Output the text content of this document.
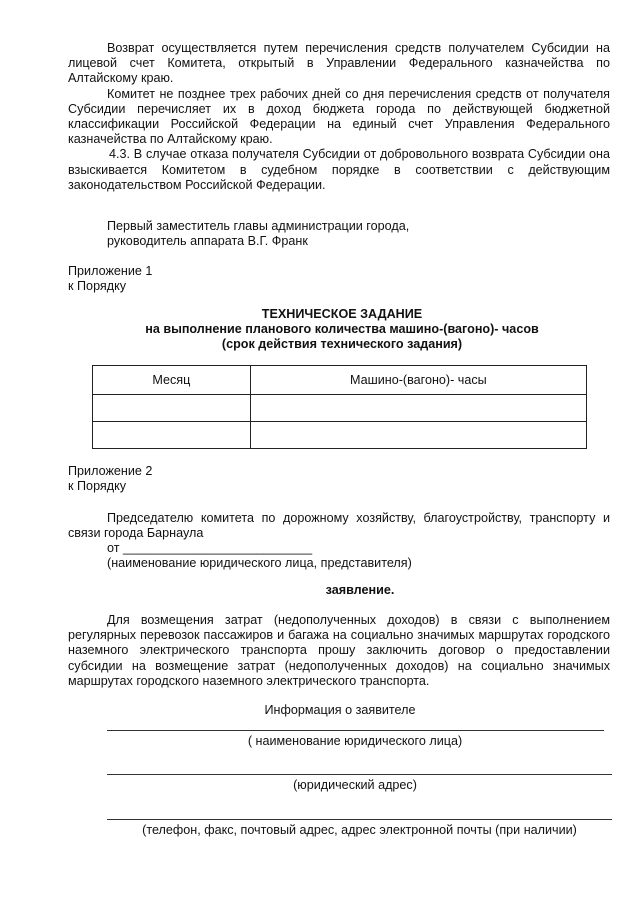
Возврат осуществляется путем перечисления средств получателем Субсидии на лицевой счет Комитета, открытый в Управлении Федерального казначейства по Алтайскому краю.

Комитет не позднее трех рабочих дней со дня перечисления средств от получателя Субсидии перечисляет их в доход бюджета города по действующей бюджетной классификации Российской Федерации на единый счет Управления Федерального казначейства по Алтайскому краю.

4.3. В случае отказа получателя Субсидии от добровольного возврата Субсидии она взыскивается Комитетом в судебном порядке в соответствии с действующим законодательством Российской Федерации.

Первый заместитель главы администрации города,

руководитель аппарата В.Г. Франк

Приложение 1

к Порядку

ТЕХНИЧЕСКОЕ ЗАДАНИЕ

на выполнение планового количества машино-(вагоно)- часов

(срок действия технического задания)

Месяц	Машино-(вагоно)- часы

Приложение 2

к Порядку

Председателю комитета по дорожному хозяйству, благоустройству, транспорту и связи города Барнаула

от ___________________________

(наименование юридического лица, представителя)

заявление.

Для возмещения затрат (недополученных доходов) в связи с выполнением регулярных перевозок пассажиров и багажа на социально значимых маршрутах городского наземного электрического транспорта прошу заключить договор о предоставлении субсидии на возмещение затрат (недополученных доходов) на социально значимых маршрутах городского наземного электрического транспорта.

Информация о заявителе
( наименование юридического лица)
(юридический адрес)
(телефон, факс, почтовый адрес, адрес электронной почты (при наличии)
